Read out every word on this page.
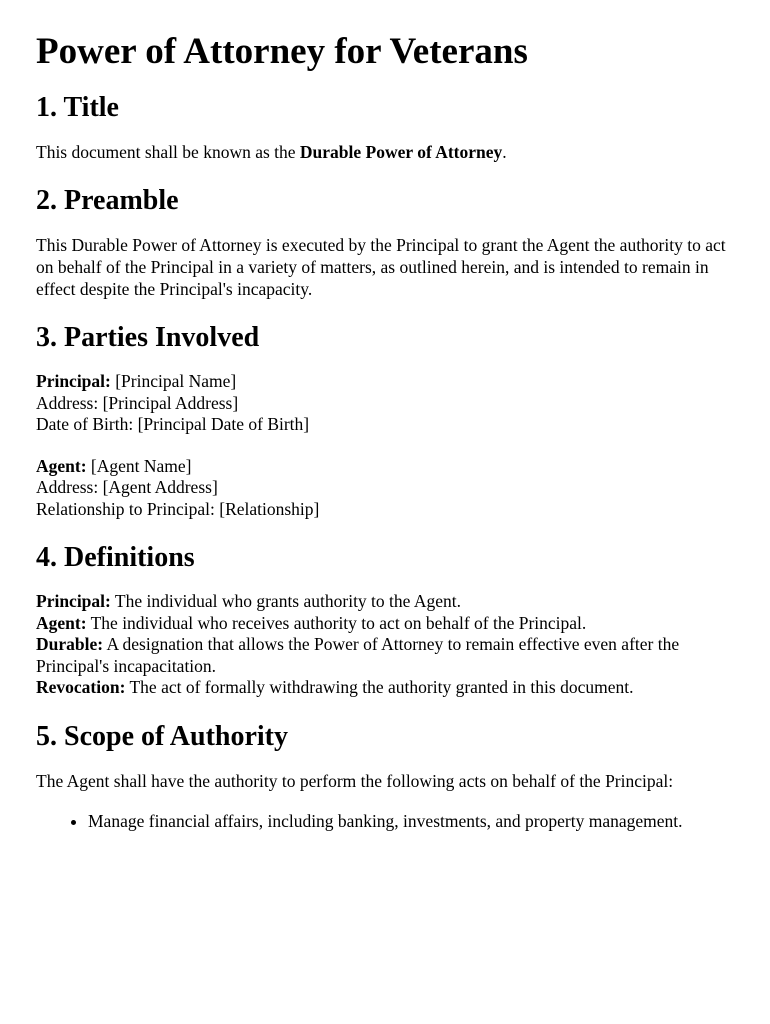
Power of Attorney for Veterans
1. Title

This document shall be known as the Durable Power of Attorney.

2. Preamble

This Durable Power of Attorney is executed by the Principal to grant the Agent the authority to act on behalf of the Principal in a variety of matters, as outlined herein, and is intended to remain in effect despite the Principal's incapacity.

3. Parties Involved
Principal: [Principal Name]
Address: [Principal Address]
Date of Birth: [Principal Date of Birth]
Agent: [Agent Name]
Address: [Agent Address]
Relationship to Principal: [Relationship]
4. Definitions
Principal: The individual who grants authority to the Agent.
Agent: The individual who receives authority to act on behalf of the Principal.
Durable: A designation that allows the Power of Attorney to remain effective even after the Principal's incapacitation.
Revocation: The act of formally withdrawing the authority granted in this document.
5. Scope of Authority

The Agent shall have the authority to perform the following acts on behalf of the Principal:

• Manage financial affairs, including banking, investments, and property management.
